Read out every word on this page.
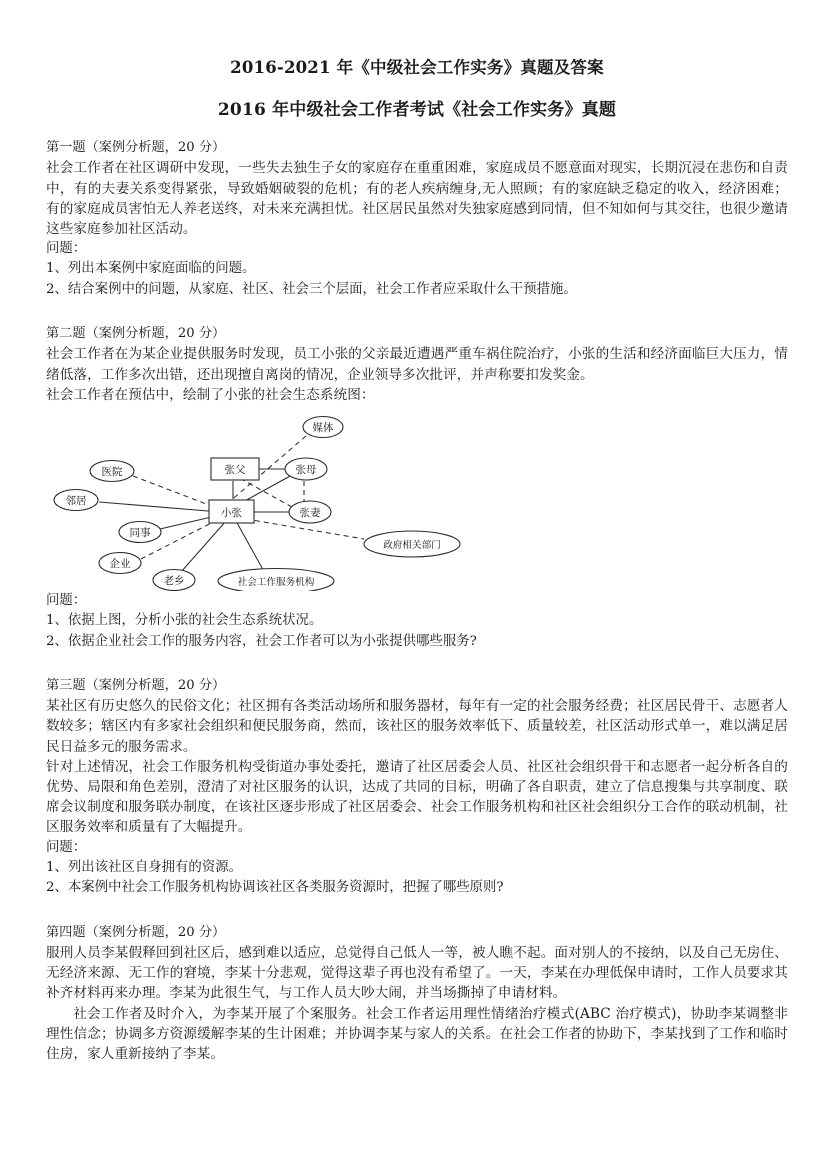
2016-2021 年《中级社会工作实务》真题及答案
2016 年中级社会工作者考试《社会工作实务》真题

第一题（案例分析题，20 分）

社会工作者在社区调研中发现，一些失去独生子女的家庭存在重重困难，家庭成员不愿意面对现实，长期沉浸在悲伤和自责中，有的夫妻关系变得紧张，导致婚姻破裂的危机；有的老人疾病缠身,无人照顾；有的家庭缺乏稳定的收入，经济困难；有的家庭成员害怕无人养老送终，对未来充满担忧。社区居民虽然对失独家庭感到同情，但不知如何与其交往，也很少邀请这些家庭参加社区活动。

问题：

1、列出本案例中家庭面临的问题。

2、结合案例中的问题，从家庭、社区、社会三个层面，社会工作者应采取什么干预措施。

第二题（案例分析题，20 分）

社会工作者在为某企业提供服务时发现，员工小张的父亲最近遭遇严重车祸住院治疗，小张的生活和经济面临巨大压力，情绪低落，工作多次出错，还出现擅自离岗的情况，企业领导多次批评，并声称要扣发奖金。

社会工作者在预估中，绘制了小张的社会生态系统图：

媒体
张父	张母
医院
邻居
小张	张妻
同事
政府相关部门
企业
老乡	社会工作服务机构

问题：

1、依据上图，分析小张的社会生态系统状况。

2、依据企业社会工作的服务内容，社会工作者可以为小张提供哪些服务?

第三题（案例分析题，20 分）

某社区有历史悠久的民俗文化；社区拥有各类活动场所和服务器材，每年有一定的社会服务经费；社区居民骨干、志愿者人数较多；辖区内有多家社会组织和便民服务商，然而，该社区的服务效率低下、质量较差，社区活动形式单一，难以满足居民日益多元的服务需求。

针对上述情况，社会工作服务机构受街道办事处委托，邀请了社区居委会人员、社区社会组织骨干和志愿者一起分析各自的优势、局限和角色差别，澄清了对社区服务的认识，达成了共同的目标，明确了各自职责，建立了信息搜集与共享制度、联席会议制度和服务联办制度，在该社区逐步形成了社区居委会、社会工作服务机构和社区社会组织分工合作的联动机制，社区服务效率和质量有了大幅提升。

问题：

1、列出该社区自身拥有的资源。

2、本案例中社会工作服务机构协调该社区各类服务资源时，把握了哪些原则?

第四题（案例分析题，20 分）

服刑人员李某假释回到社区后，感到难以适应，总觉得自己低人一等，被人瞧不起。面对别人的不接纳，以及自己无房住、无经济来源、无工作的窘境，李某十分悲观，觉得这辈子再也没有希望了。一天，李某在办理低保申请时，工作人员要求其补齐材料再来办理。李某为此很生气，与工作人员大吵大闹，并当场撕掉了申请材料。

社会工作者及时介入，为李某开展了个案服务。社会工作者运用理性情绪治疗模式(ABC 治疗模式)，协助李某调整非理性信念；协调多方资源缓解李某的生计困难；并协调李某与家人的关系。在社会工作者的协助下，李某找到了工作和临时住房，家人重新接纳了李某。
